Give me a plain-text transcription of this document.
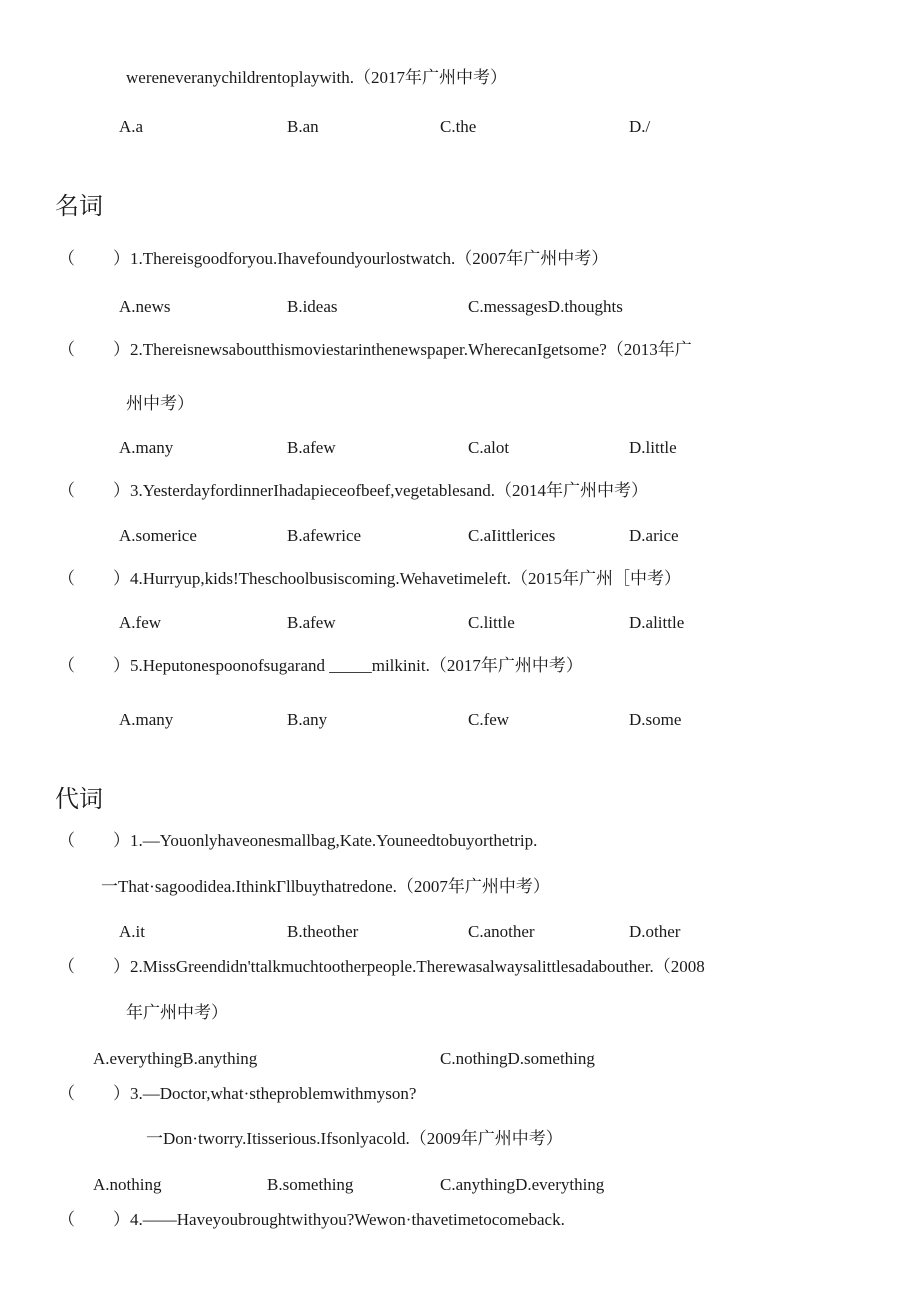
wereneveranychildrentoplaywith.（2017年广州中考）
A.a	B.an	C.the	D./
名词
（ ）1.Thereisgoodforyou.Ihavefoundyourlostwatch.（2007年广州中考）
A.news	B.ideas	C.messagesD.thoughts
（ ）2.Thereisnewsaboutthismoviestarinthenewspaper.WherecanIgetsome?（2013年广
州中考）
A.many	B.afew	C.alot	D.little
（ ）3.YesterdayfordinnerIhadapieceofbeef,vegetablesand.（2014年广州中考）
A.somerice	B.afewrice	C.aIittlerices	D.arice
（ ）4.Hurryup,kids!Theschoolbusiscoming.Wehavetimeleft.（2015年广州［中考）
A.few	B.afew	C.little	D.alittle
（ ）5.Heputonespoonofsugarand _____milkinit.（2017年广州中考）
A.many	B.any	C.few	D.some
代词
（ ）1.—Youonlyhaveonesmallbag,Kate.Youneedtobuyorthetrip.
一That·sagoodidea.IthinkΓllbuythatredone.（2007年广州中考）
A.it	B.theother	C.another	D.other
（ ）2.MissGreendidn'ttalkmuchtootherpeople.Therewasalwaysalittlesadabouther.（2008
年广州中考）
A.everythingB.anything	C.nothingD.something
（ ）3.—Doctor,what·stheproblemwithmyson?
一Don·tworry.Itisserious.Ifsonlyacold.（2009年广州中考）
A.nothing	B.something	C.anythingD.everything
（ ）4.——Haveyoubroughtwithyou?Wewon·thavetimetocomeback.
